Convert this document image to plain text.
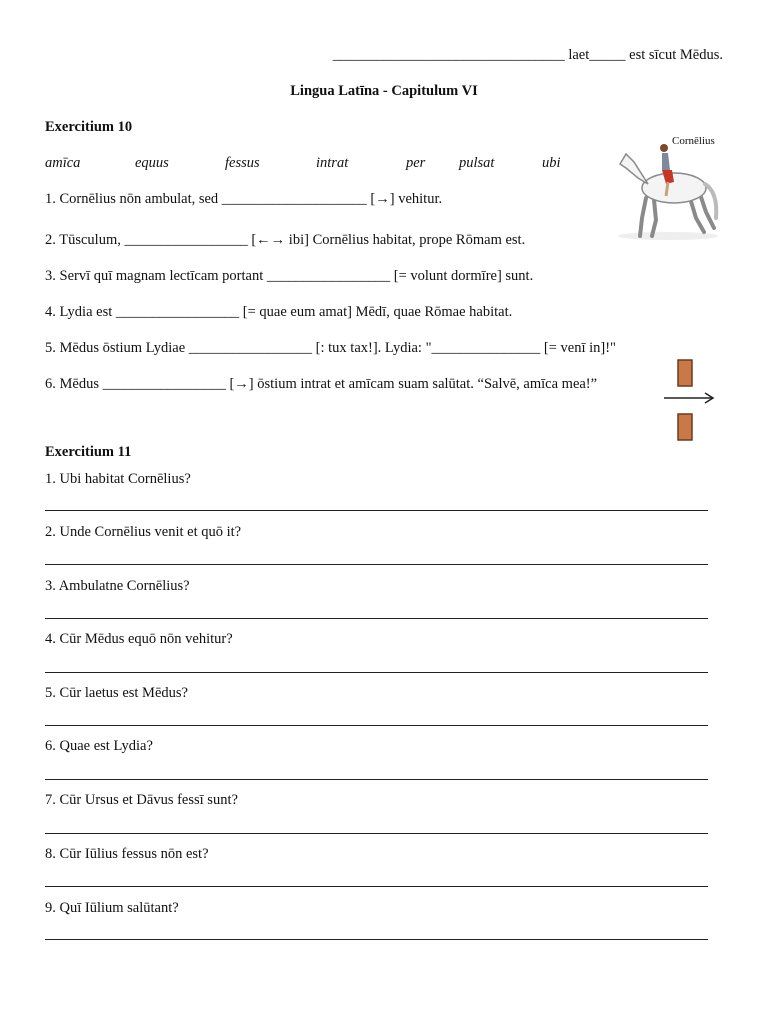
________________________________ laet_____ est sīcut Mēdus.
Lingua Latīna - Capitulum VI
Exercitium 10
amīca	equus	fessus	intrat	per pulsat	ubi
Cornēlius
1. Cornēlius nōn ambulat, sed ____________________ [→] vehitur.
2. Tūsculum, _________________ [←→ ibi] Cornēlius habitat, prope Rōmam est.
3. Servī quī magnam lectīcam portant _________________ [= volunt dormīre] sunt.
4. Lydia est _________________ [= quae eum amat] Mēdī, quae Rōmae habitat.
5. Mēdus ōstium Lydiae _________________ [: tux tax!]. Lydia: "_______________ [= venī in]!"
6. Mēdus _________________ [→] ōstium intrat et amīcam suam salūtat. “Salvē, amīca mea!”
Exercitium 11
1. Ubi habitat Cornēlius?
2. Unde Cornēlius venit et quō it?
3. Ambulatne Cornēlius?
4. Cūr Mēdus equō nōn vehitur?
5. Cūr laetus est Mēdus?
6. Quae est Lydia?
7. Cūr Ursus et Dāvus fessī sunt?
8. Cūr Iūlius fessus nōn est?
9. Quī Iūlium salūtant?
